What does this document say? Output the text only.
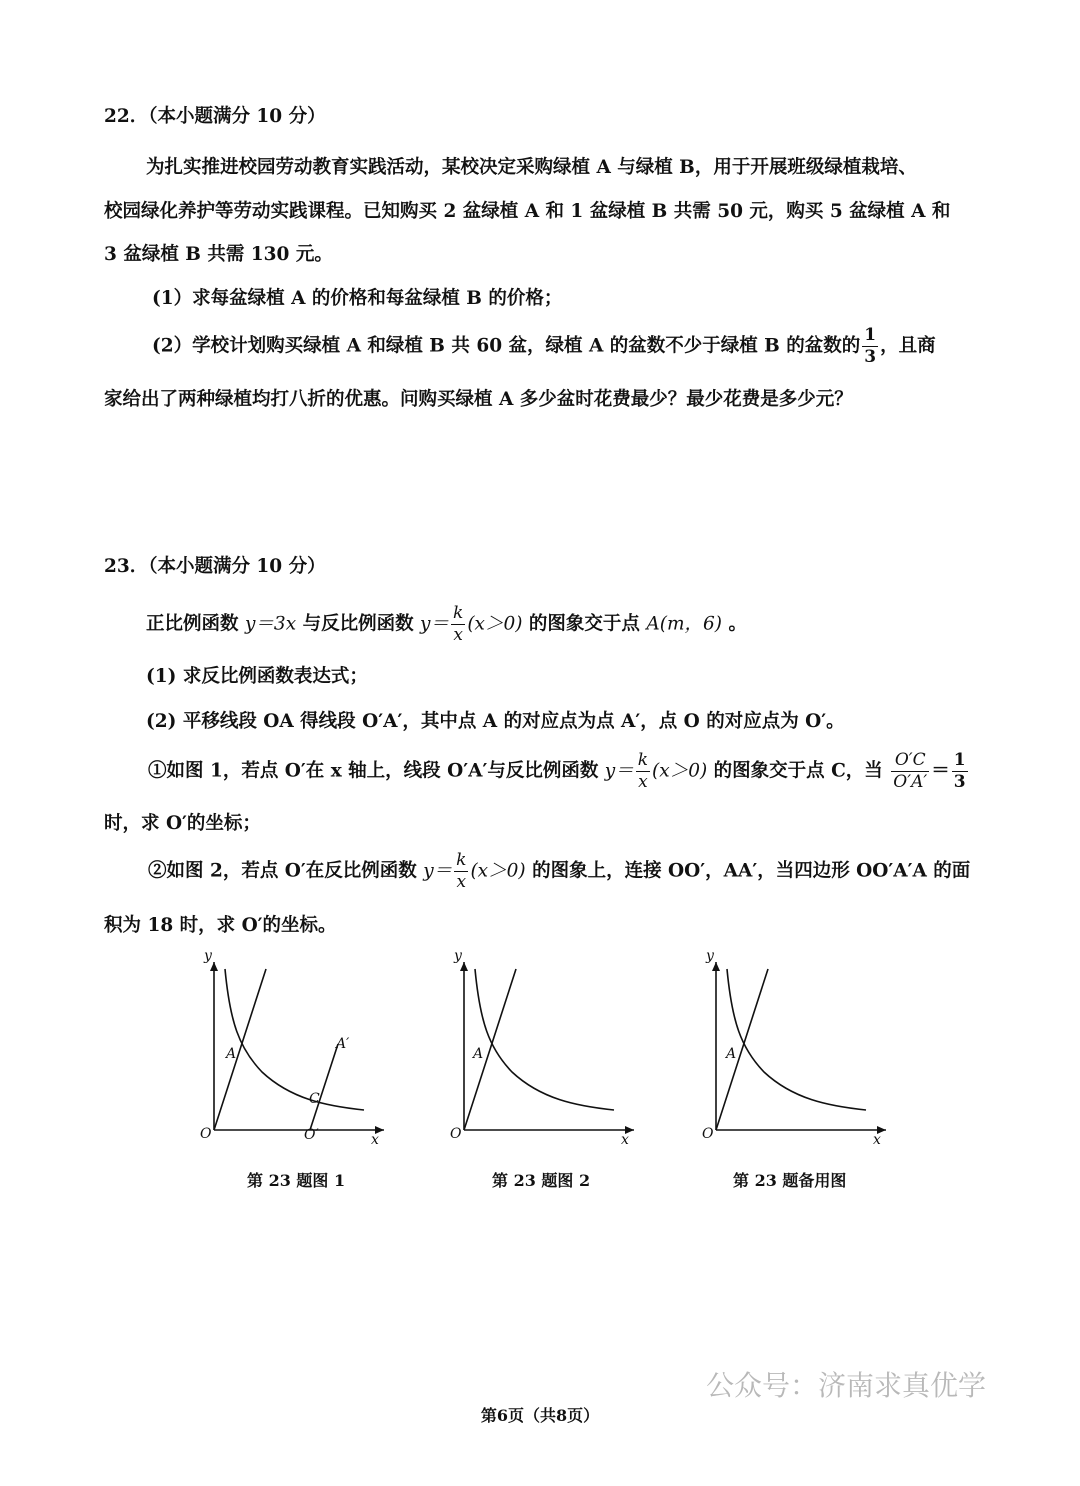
22．（本小题满分 10 分）
为扎实推进校园劳动教育实践活动，某校决定采购绿植 A 与绿植 B，用于开展班级绿植栽培、
校园绿化养护等劳动实践课程。已知购买 2 盆绿植 A 和 1 盆绿植 B 共需 50 元，购买 5 盆绿植 A 和
3 盆绿植 B 共需 130 元。
(1）求每盆绿植 A 的价格和每盆绿植 B 的价格；
(2）学校计划购买绿植 A 和绿植 B 共 60 盆，绿植 A 的盆数不少于绿植 B 的盆数的 $\frac{1}{3}$ ，且商
家给出了两种绿植均打八折的优惠。问购买绿植 A 多少盆时花费最少？最少花费是多少元？
23．（本小题满分 10 分）
正比例函数 y＝3x 与反比例函数 $y= \frac{k}{x} (x>0)$ 的图象交于点 A(m，6) 。
(1) 求反比例函数表达式；
(2) 平移线段 OA 得线段 O′A′，其中点 A 的对应点为点 A′，点 O 的对应点为 O′。
①如图 1，若点 O′在 x 轴上，线段 O′A′与反比例函数 $y= \frac{k}{x} (x>0)$ 的图象交于点 C，当 $\frac{O'C}{O'A'} = \frac{1}{3}$
时，求 O′的坐标；
②如图 2，若点 O′在反比例函数 $y= \frac{k}{x} (x>0)$ 的图象上，连接 OO′，AA′，当四边形 OO′A′A 的面
积为 18 时，求 O′的坐标。
y
x
O
A
A′
C
O′
y
x
O
A
y
x
O
A
第 23 题图 1	第 23 题图 2	第 23 题备用图
公众号：济南求真优学
第6页（共8页）
